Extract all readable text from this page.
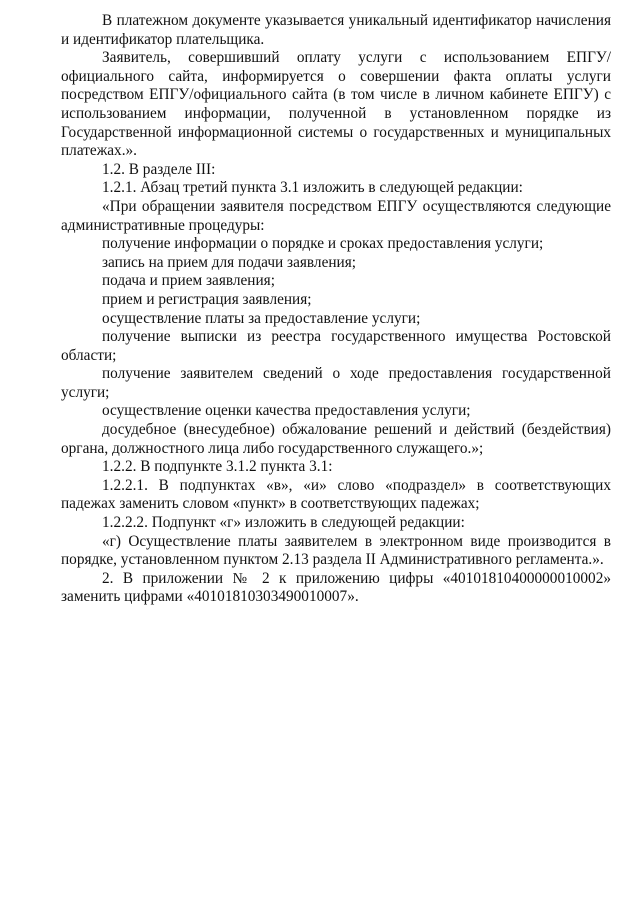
В платежном документе указывается уникальный идентификатор начисления и идентификатор плательщика.

Заявитель, совершивший оплату услуги с использованием ЕПГУ/официального сайта, информируется о совершении факта оплаты услуги посредством ЕПГУ/официального сайта (в том числе в личном кабинете ЕПГУ) с использованием информации, полученной в установленном порядке из Государственной информационной системы о государственных и муниципальных платежах.».

1.2. В разделе III:

1.2.1. Абзац третий пункта 3.1 изложить в следующей редакции:

«При обращении заявителя посредством ЕПГУ осуществляются следующие административные процедуры:

получение информации о порядке и сроках предоставления услуги;

запись на прием для подачи заявления;

подача и прием заявления;

прием и регистрация заявления;

осуществление платы за предоставление услуги;

получение выписки из реестра государственного имущества Ростовской области;

получение заявителем сведений о ходе предоставления государственной услуги;

осуществление оценки качества предоставления услуги;

досудебное (внесудебное) обжалование решений и действий (бездействия) органа, должностного лица либо государственного служащего.»;

1.2.2. В подпункте 3.1.2 пункта 3.1:

1.2.2.1. В подпунктах «в», «и» слово «подраздел» в соответствующих падежах заменить словом «пункт» в соответствующих падежах;

1.2.2.2. Подпункт «г» изложить в следующей редакции:

«г) Осуществление платы заявителем в электронном виде производится в порядке, установленном пунктом 2.13 раздела II Административного регламента.».

2. В приложении № 2 к приложению цифры «40101810400000010002» заменить цифрами «40101810303490010007».
